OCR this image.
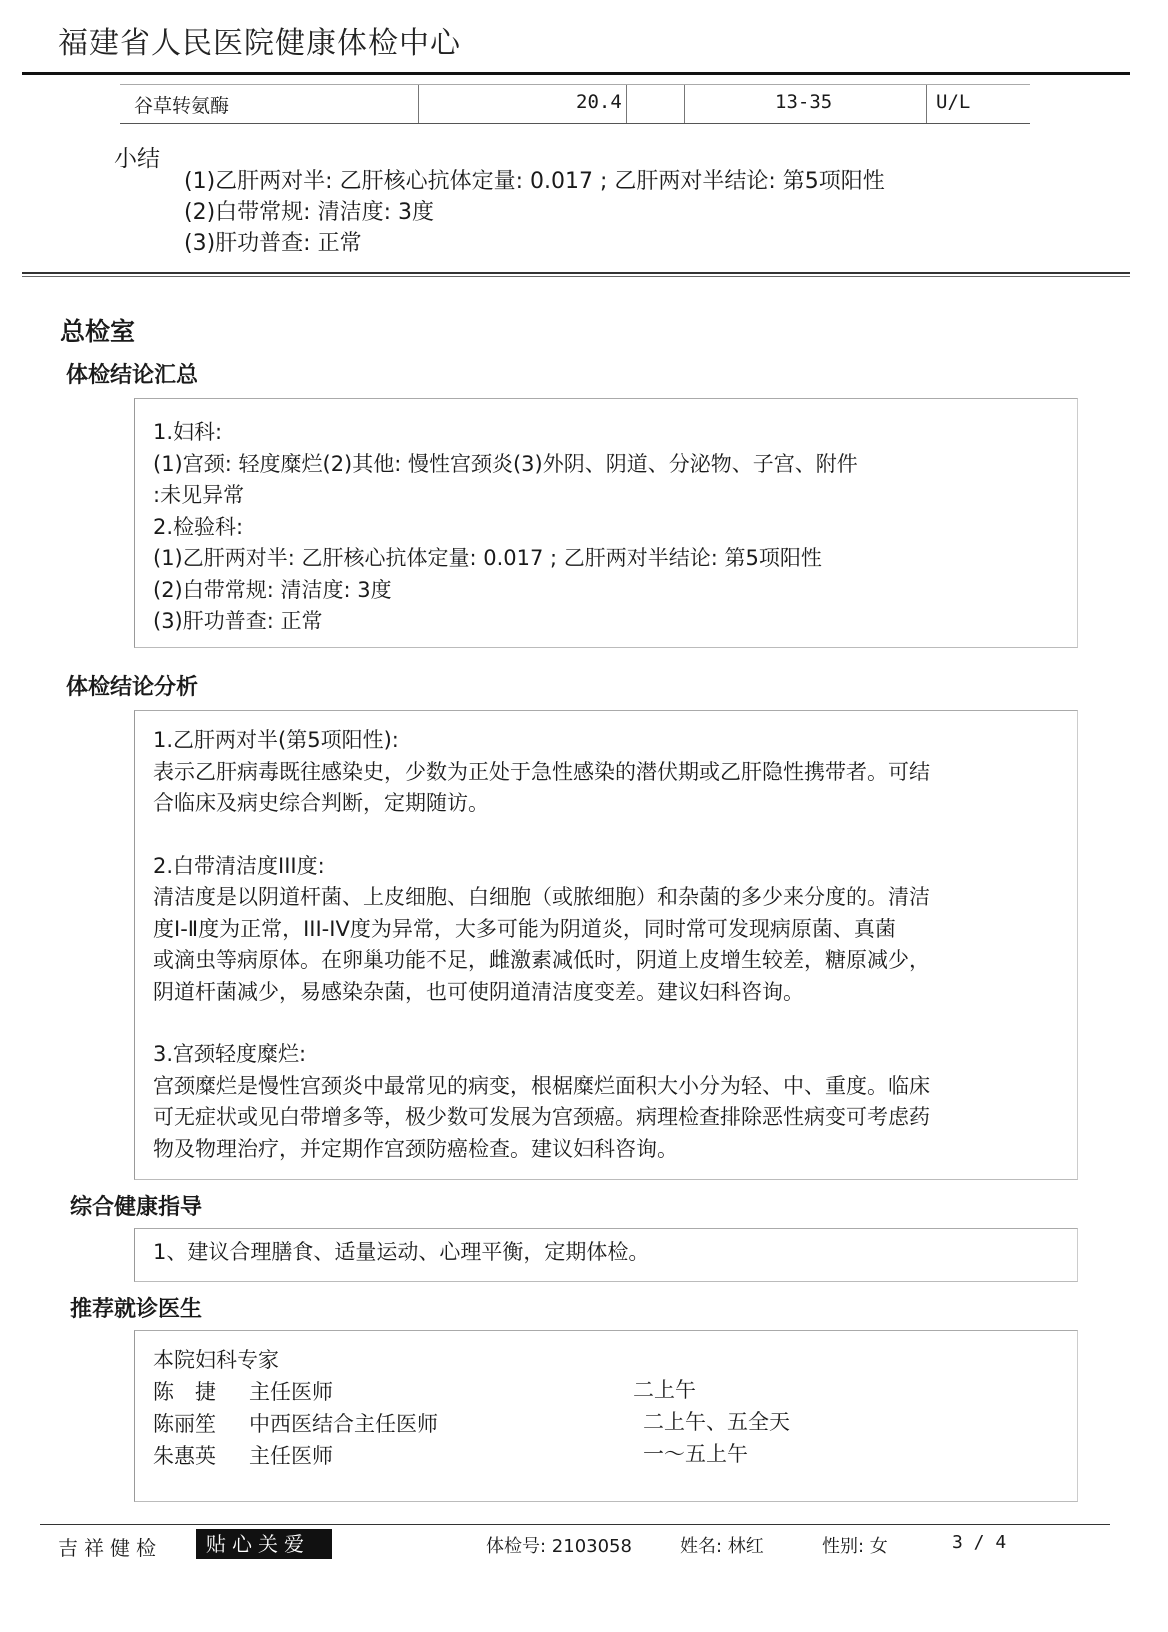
福建省人民医院健康体检中心
谷草转氨酶	20.4	13-35	U/L
小结
(1)乙肝两对半: 乙肝核心抗体定量: 0.017 ; 乙肝两对半结论: 第5项阳性
(2)白带常规: 清洁度: 3度
(3)肝功普查: 正常
总检室
体检结论汇总
1.妇科:
(1)宫颈: 轻度糜烂(2)其他: 慢性宫颈炎(3)外阴、阴道、分泌物、子宫、附件
:未见异常
2.检验科:
(1)乙肝两对半: 乙肝核心抗体定量: 0.017 ; 乙肝两对半结论: 第5项阳性
(2)白带常规: 清洁度: 3度
(3)肝功普查: 正常
体检结论分析
1.乙肝两对半(第5项阳性):
表示乙肝病毒既往感染史，少数为正处于急性感染的潜伏期或乙肝隐性携带者。可结
合临床及病史综合判断，定期随访。
2.白带清洁度III度:
清洁度是以阴道杆菌、上皮细胞、白细胞（或脓细胞）和杂菌的多少来分度的。清洁
度Ⅰ-Ⅱ度为正常，III-IV度为异常，大多可能为阴道炎，同时常可发现病原菌、真菌
或滴虫等病原体。在卵巢功能不足，雌激素减低时，阴道上皮增生较差，糖原减少，
阴道杆菌减少，易感染杂菌，也可使阴道清洁度变差。建议妇科咨询。
3.宫颈轻度糜烂:
宫颈糜烂是慢性宫颈炎中最常见的病变，根椐糜烂面积大小分为轻、中、重度。临床
可无症状或见白带增多等，极少数可发展为宫颈癌。病理检查排除恶性病变可考虑药
物及物理治疗，并定期作宫颈防癌检查。建议妇科咨询。
综合健康指导
1、建议合理膳食、适量运动、心理平衡，定期体检。
推荐就诊医生
本院妇科专家
陈　捷 主任医师	二上午
陈丽笙 中西医结合主任医师	二上午、五全天
朱惠英 主任医师	一～五上午
吉祥健检	贴心关爱	体检号: 2103058	姓名: 林红	性别: 女	3 / 4
